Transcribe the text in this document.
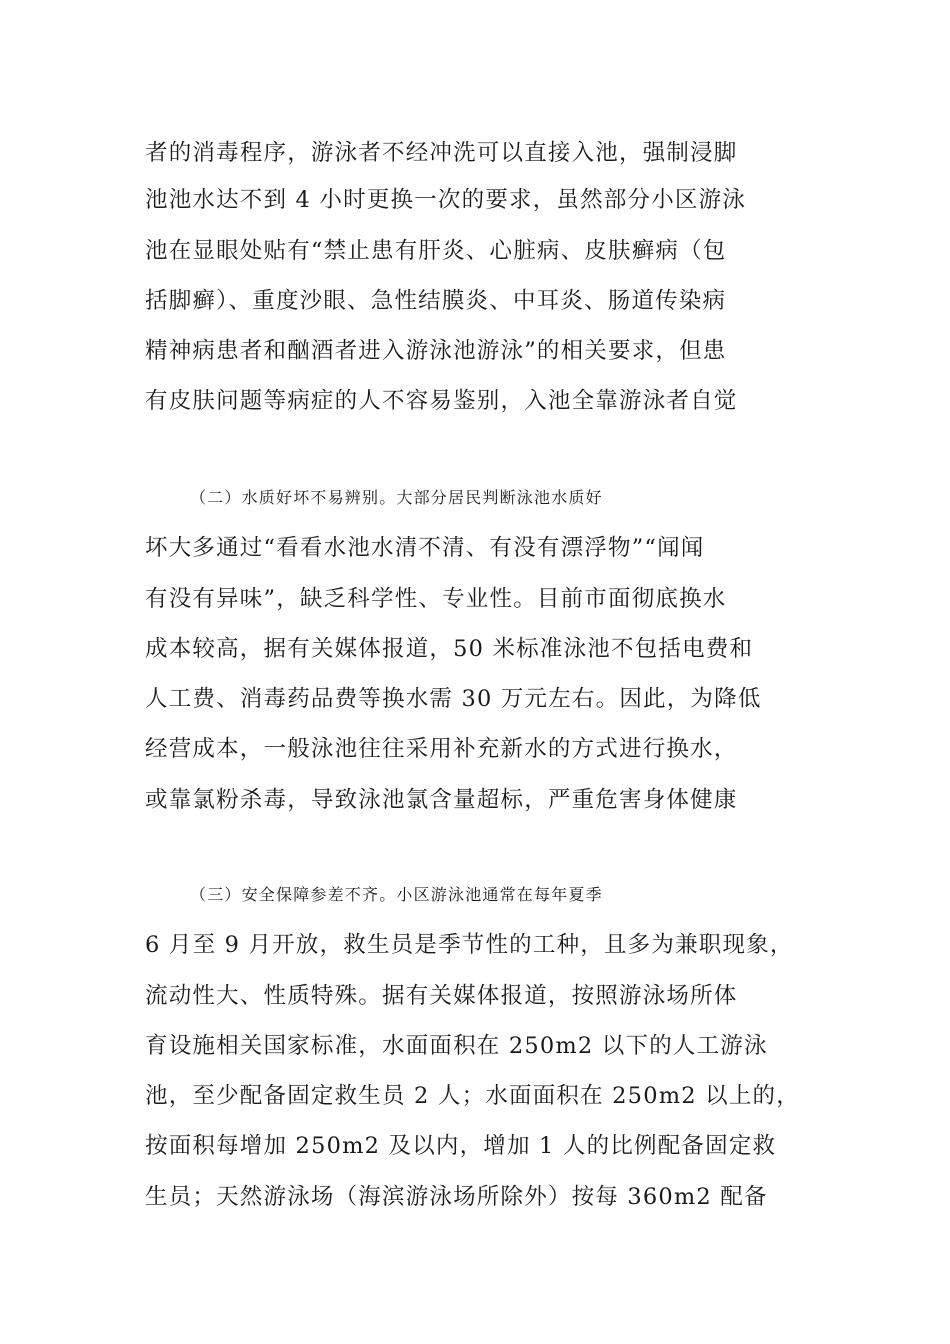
者的消毒程序，游泳者不经冲洗可以直接入池，强制浸脚
池池水达不到 4 小时更换一次的要求，虽然部分小区游泳
池在显眼处贴有“禁止患有肝炎、心脏病、皮肤癣病（包
括脚癣）、重度沙眼、急性结膜炎、中耳炎、肠道传染病
精神病患者和酗酒者进入游泳池游泳”的相关要求，但患
有皮肤问题等病症的人不容易鉴别，入池全靠游泳者自觉
（二）水质好坏不易辨别。大部分居民判断泳池水质好
坏大多通过“看看水池水清不清、有没有漂浮物”“闻闻
有没有异味”，缺乏科学性、专业性。目前市面彻底换水
成本较高，据有关媒体报道，50 米标准泳池不包括电费和
人工费、消毒药品费等换水需 30 万元左右。因此，为降低
经营成本，一般泳池往往采用补充新水的方式进行换水，
或靠氯粉杀毒，导致泳池氯含量超标，严重危害身体健康
（三）安全保障参差不齐。小区游泳池通常在每年夏季
6 月至 9 月开放，救生员是季节性的工种，且多为兼职现象，
流动性大、性质特殊。据有关媒体报道，按照游泳场所体
育设施相关国家标准，水面面积在 250m2 以下的人工游泳
池，至少配备固定救生员 2 人；水面面积在 250m2 以上的，
按面积每增加 250m2 及以内，增加 1 人的比例配备固定救
生员；天然游泳场（海滨游泳场所除外）按每 360m2 配备
